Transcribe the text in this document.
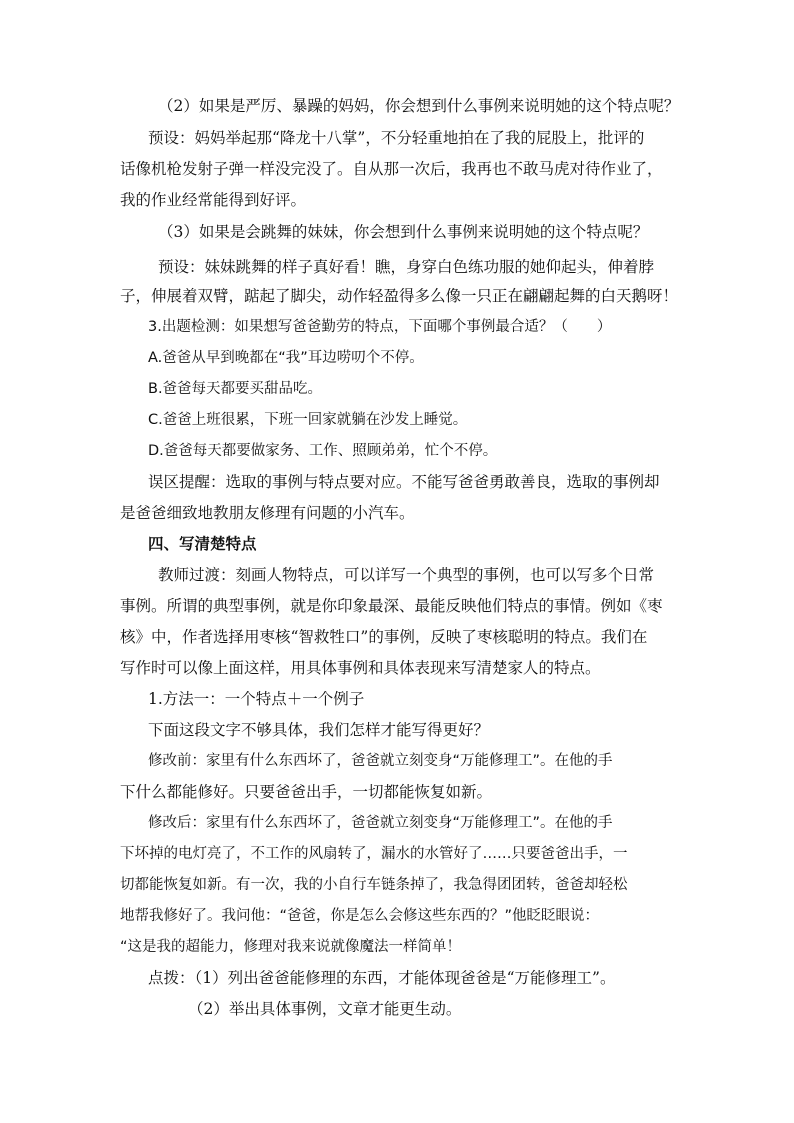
（2）如果是严厉、暴躁的妈妈，你会想到什么事例来说明她的这个特点呢？
预设：妈妈举起那“降龙十八掌”，不分轻重地拍在了我的屁股上，批评的
话像机枪发射子弹一样没完没了。自从那一次后，我再也不敢马虎对待作业了，
我的作业经常能得到好评。
（3）如果是会跳舞的妹妹，你会想到什么事例来说明她的这个特点呢？
预设：妹妹跳舞的样子真好看！瞧，身穿白色练功服的她仰起头，伸着脖
子，伸展着双臂，踮起了脚尖，动作轻盈得多么像一只正在翩翩起舞的白天鹅呀！
3.出题检测：如果想写爸爸勤劳的特点，下面哪个事例最合适？（　　）
A.爸爸从早到晚都在“我”耳边唠叨个不停。
B.爸爸每天都要买甜品吃。
C.爸爸上班很累，下班一回家就躺在沙发上睡觉。
D.爸爸每天都要做家务、工作、照顾弟弟，忙个不停。
误区提醒：选取的事例与特点要对应。不能写爸爸勇敢善良，选取的事例却
是爸爸细致地教朋友修理有问题的小汽车。
四、写清楚特点
教师过渡：刻画人物特点，可以详写一个典型的事例，也可以写多个日常
事例。所谓的典型事例，就是你印象最深、最能反映他们特点的事情。例如《枣
核》中，作者选择用枣核“智救牲口”的事例，反映了枣核聪明的特点。我们在
写作时可以像上面这样，用具体事例和具体表现来写清楚家人的特点。
1.方法一：一个特点＋一个例子
下面这段文字不够具体，我们怎样才能写得更好？
修改前：家里有什么东西坏了，爸爸就立刻变身“万能修理工”。在他的手
下什么都能修好。只要爸爸出手，一切都能恢复如新。
修改后：家里有什么东西坏了，爸爸就立刻变身“万能修理工”。在他的手
下坏掉的电灯亮了，不工作的风扇转了，漏水的水管好了……只要爸爸出手，一
切都能恢复如新。有一次，我的小自行车链条掉了，我急得团团转，爸爸却轻松
地帮我修好了。我问他：“爸爸，你是怎么会修这些东西的？”他眨眨眼说：
“这是我的超能力，修理对我来说就像魔法一样简单！
点拨：（1）列出爸爸能修理的东西，才能体现爸爸是“万能修理工”。
（2）举出具体事例，文章才能更生动。
